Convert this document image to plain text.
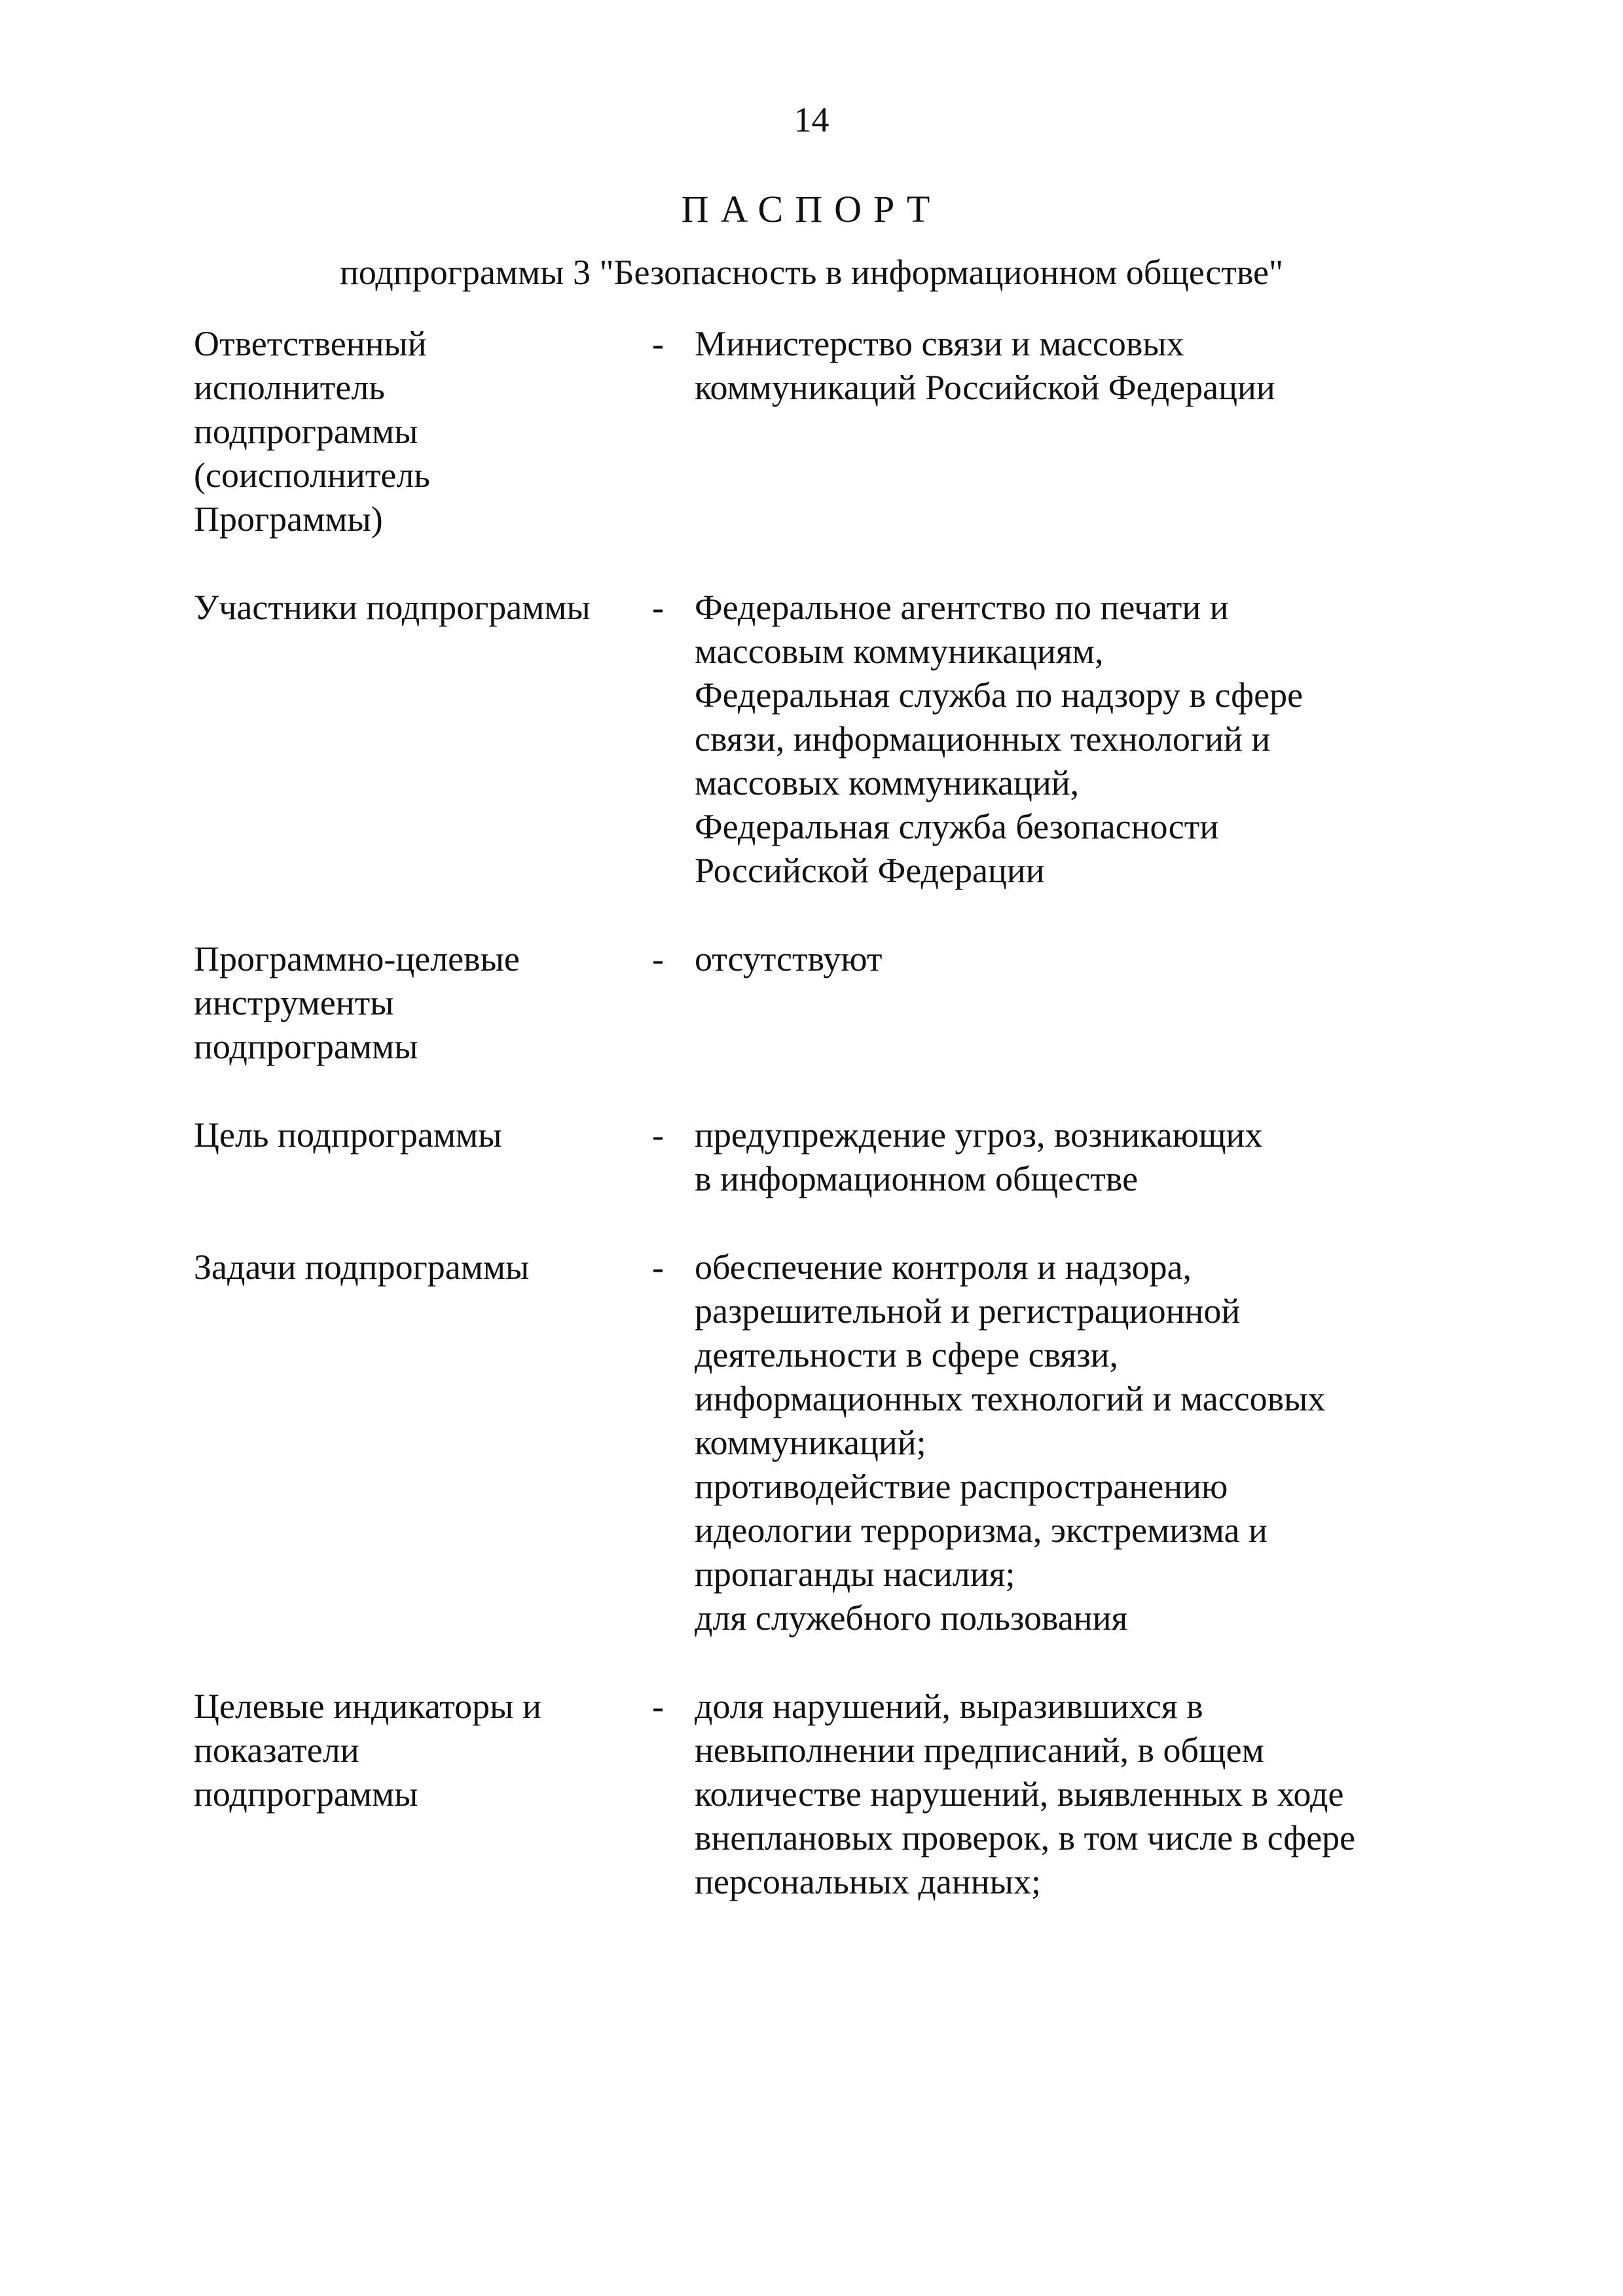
14
ПАСПОРТ
подпрограммы 3 "Безопасность в информационном обществе"
Ответственный
исполнитель
подпрограммы
(соисполнитель
Программы)
- Министерство связи и массовых
коммуникаций Российской Федерации
Участники подпрограммы	- Федеральное агентство по печати и
массовым коммуникациям,
Федеральная служба по надзору в сфере
связи, информационных технологий и
массовых коммуникаций,
Федеральная служба безопасности
Российской Федерации
Программно-целевые
инструменты
подпрограммы
- отсутствуют
Цель подпрограммы	- предупреждение угроз, возникающих
в информационном обществе
Задачи подпрограммы	- обеспечение контроля и надзора,
разрешительной и регистрационной
деятельности в сфере связи,
информационных технологий и массовых
коммуникаций;
противодействие распространению
идеологии терроризма, экстремизма и
пропаганды насилия;
для служебного пользования
Целевые индикаторы и
показатели
подпрограммы
- доля нарушений, выразившихся в
невыполнении предписаний, в общем
количестве нарушений, выявленных в ходе
внеплановых проверок, в том числе в сфере
персональных данных;
